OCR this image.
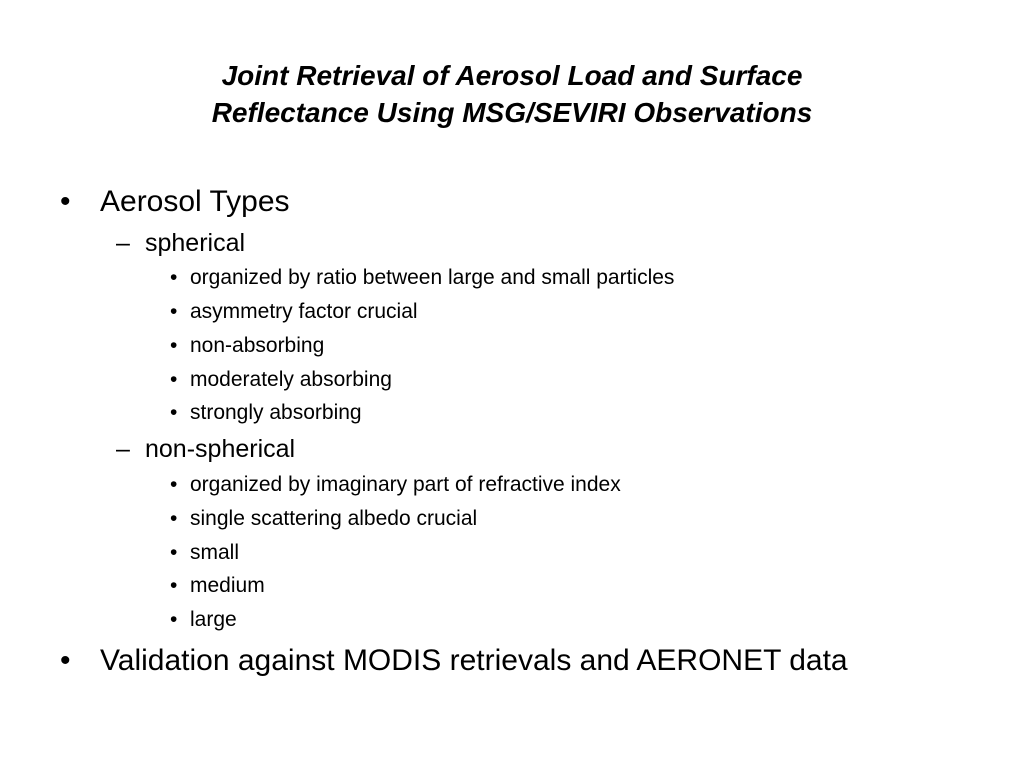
Joint Retrieval of Aerosol Load and Surface
Reflectance Using MSG/SEVIRI Observations
• Aerosol Types
– spherical
• organized by ratio between large and small particles
• asymmetry factor crucial
• non-absorbing
• moderately absorbing
• strongly absorbing
– non-spherical
• organized by imaginary part of refractive index
• single scattering albedo crucial
• small
• medium
• large
• Validation against MODIS retrievals and AERONET data
